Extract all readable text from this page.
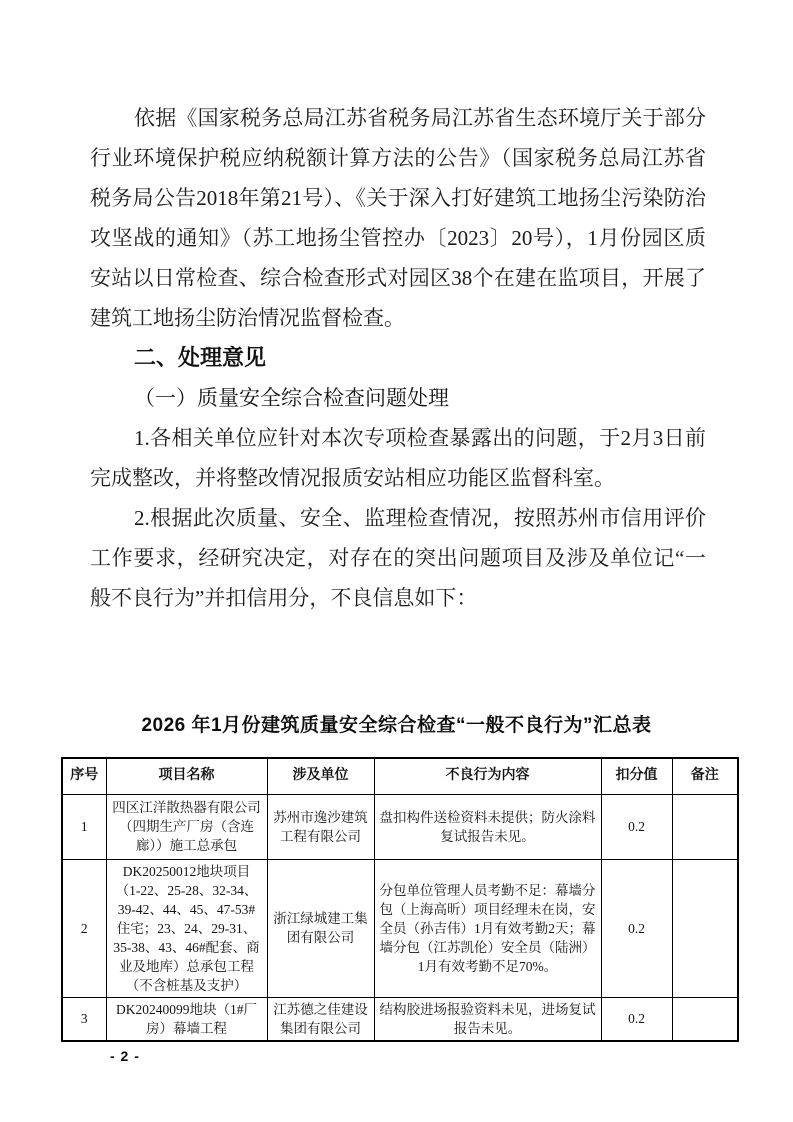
依据《国家税务总局江苏省税务局江苏省生态环境厅关于部分行业环境保护税应纳税额计算方法的公告》（国家税务总局江苏省税务局公告2018年第21号）、《关于深入打好建筑工地扬尘污染防治攻坚战的通知》（苏工地扬尘管控办〔2023〕20号），1月份园区质安站以日常检查、综合检查形式对园区38个在建在监项目，开展了建筑工地扬尘防治情况监督检查。

二、处理意见
（一）质量安全综合检查问题处理

1.各相关单位应针对本次专项检查暴露出的问题，于2月3日前完成整改，并将整改情况报质安站相应功能区监督科室。

2.根据此次质量、安全、监理检查情况，按照苏州市信用评价工作要求，经研究决定，对存在的突出问题项目及涉及单位记“一般不良行为”并扣信用分，不良信息如下：

2026 年1月份建筑质量安全综合检查“一般不良行为”汇总表
序号	项目名称	涉及单位	不良行为内容	扣分值	备注
1	四区江洋散热器有限公司（四期生产厂房（含连廊））施工总承包	苏州市逸沙建筑工程有限公司	盘扣构件送检资料未提供；防火涂料复试报告未见。	0.2	
2	DK20250012地块项目（1-22、25-28、32-34、39-42、44、45、47-53#住宅；23、24、29-31、35-38、43、46#配套、商业及地库）总承包工程（不含桩基及支护）	浙江绿城建工集团有限公司	分包单位管理人员考勤不足：幕墙分包（上海高昕）项目经理未在岗，安全员（孙吉伟）1月有效考勤2天；幕墙分包（江苏凯伦）安全员（陆洲）1月有效考勤不足70%。	0.2	
3	DK20240099地块（1#厂房）幕墙工程	江苏德之佳建设集团有限公司	结构胶进场报验资料未见，进场复试报告未见。	0.2	
- 2 -
